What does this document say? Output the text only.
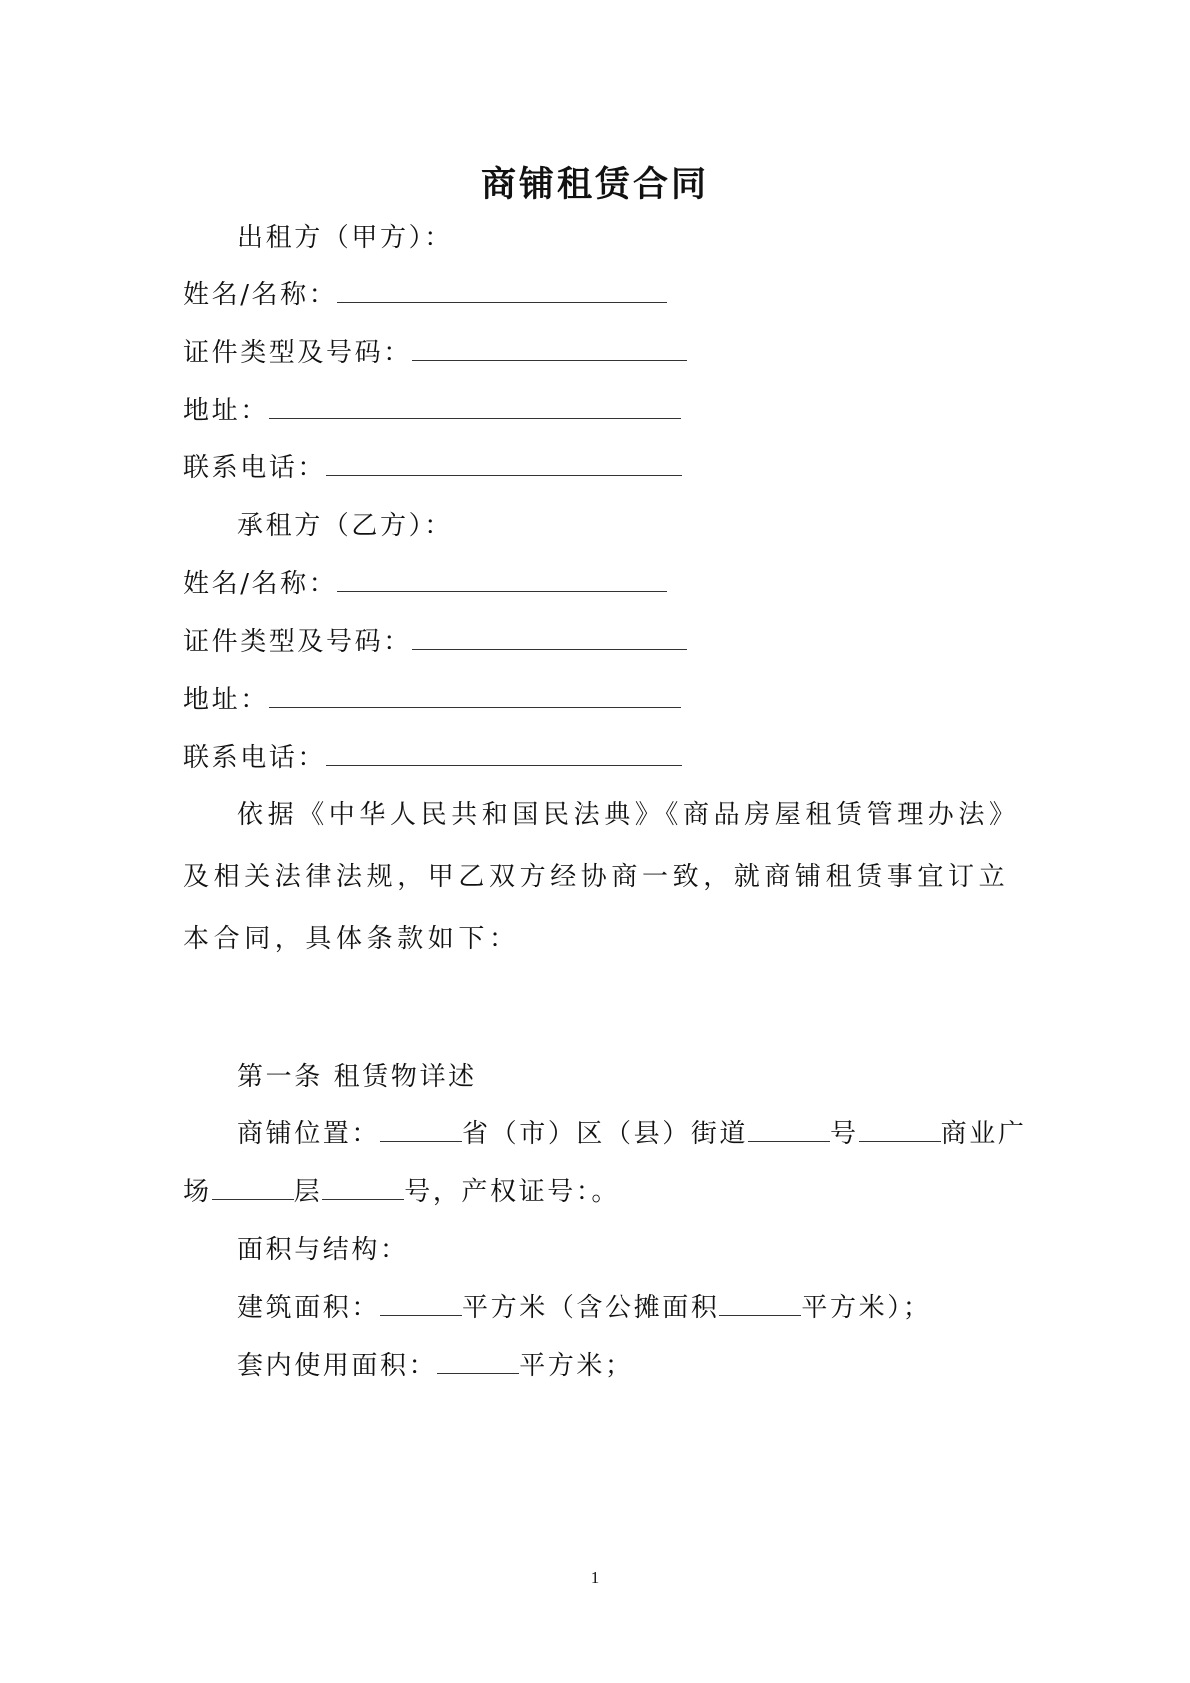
商铺租赁合同
出租方（甲方）：
姓名/名称：
证件类型及号码：
地址：
联系电话：
承租方（乙方）：
姓名/名称：
证件类型及号码：
地址：
联系电话：
依据《中华人民共和国民法典》《商品房屋租赁管理办法》及相关法律法规，甲乙双方经协商一致，就商铺租赁事宜订立本合同，具体条款如下：
第一条 租赁物详述
商铺位置：	省（市）区（县）街道	号	商业广
场	层	号，产权证号：。
面积与结构：
建筑面积：	平方米（含公摊面积	平方米）；
套内使用面积：	平方米；
1
